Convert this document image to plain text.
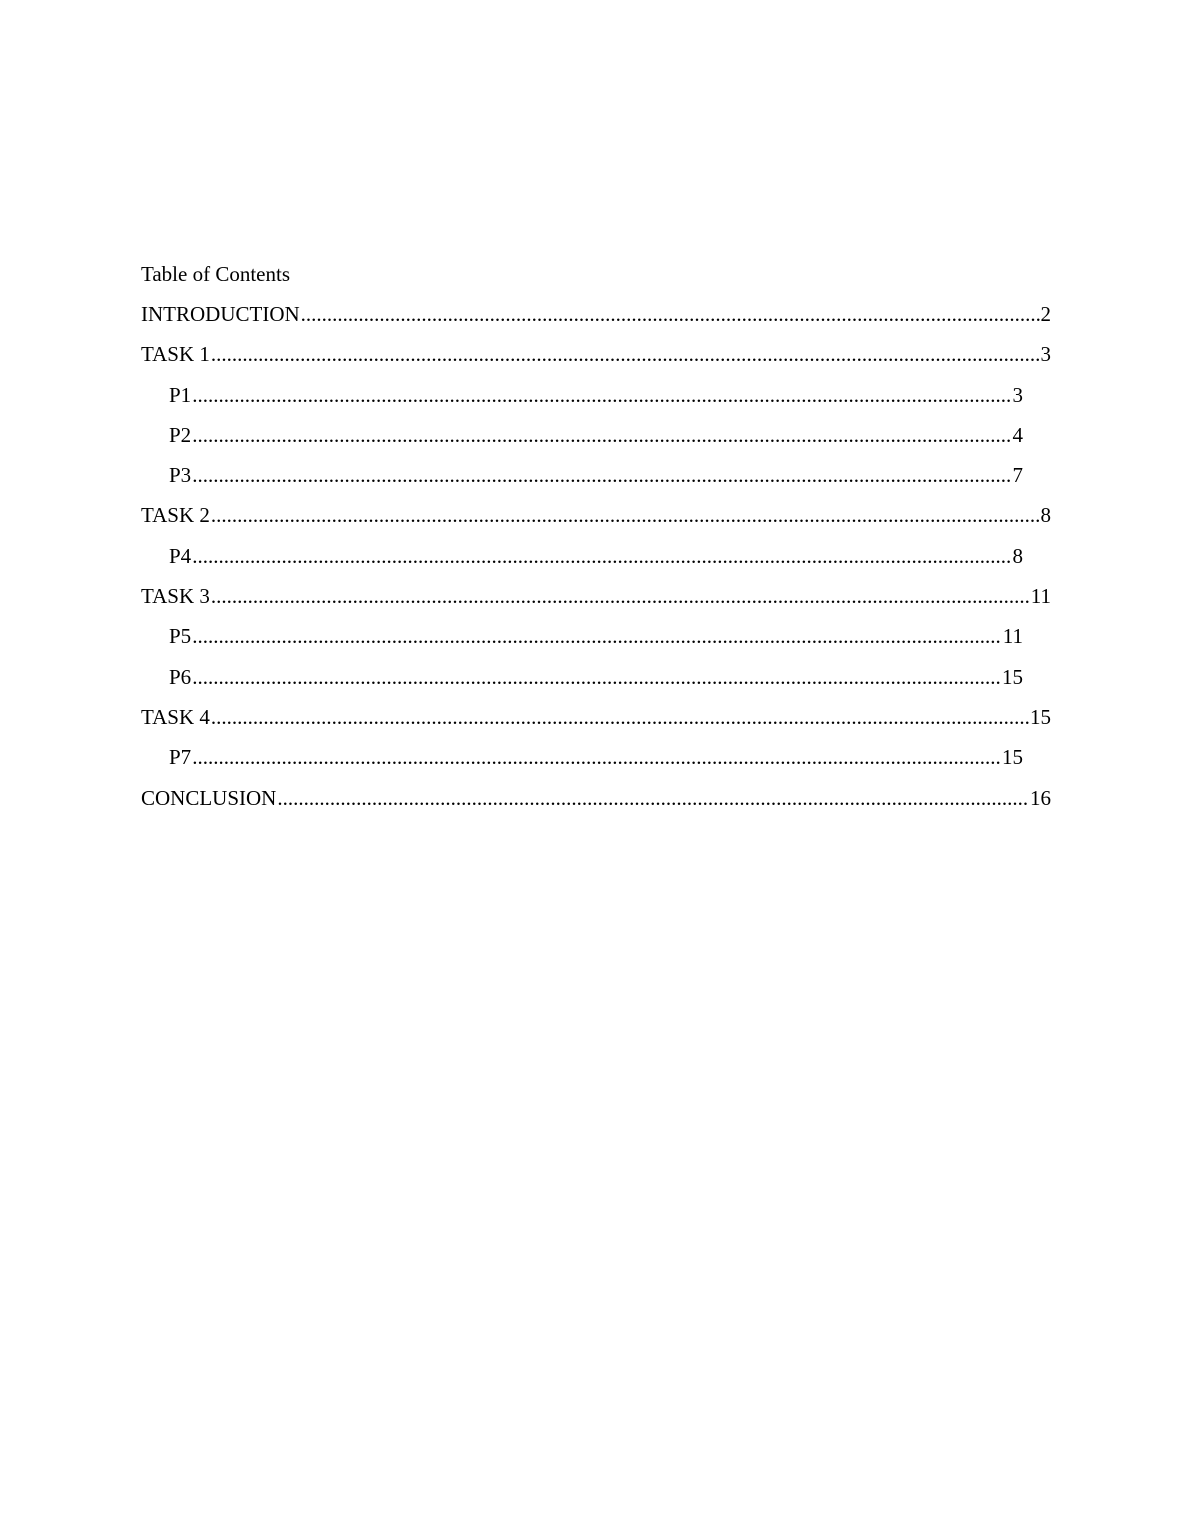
Table of Contents
INTRODUCTION .....	2
TASK 1 .....	3
P1 .....	3
P2 .....	4
P3 .....	7
TASK 2 .....	8
P4 .....	8
TASK 3 .....	11
P5 .....	11
P6 .....	15
TASK 4 .....	15
P7 .....	15
CONCLUSION .....	16
